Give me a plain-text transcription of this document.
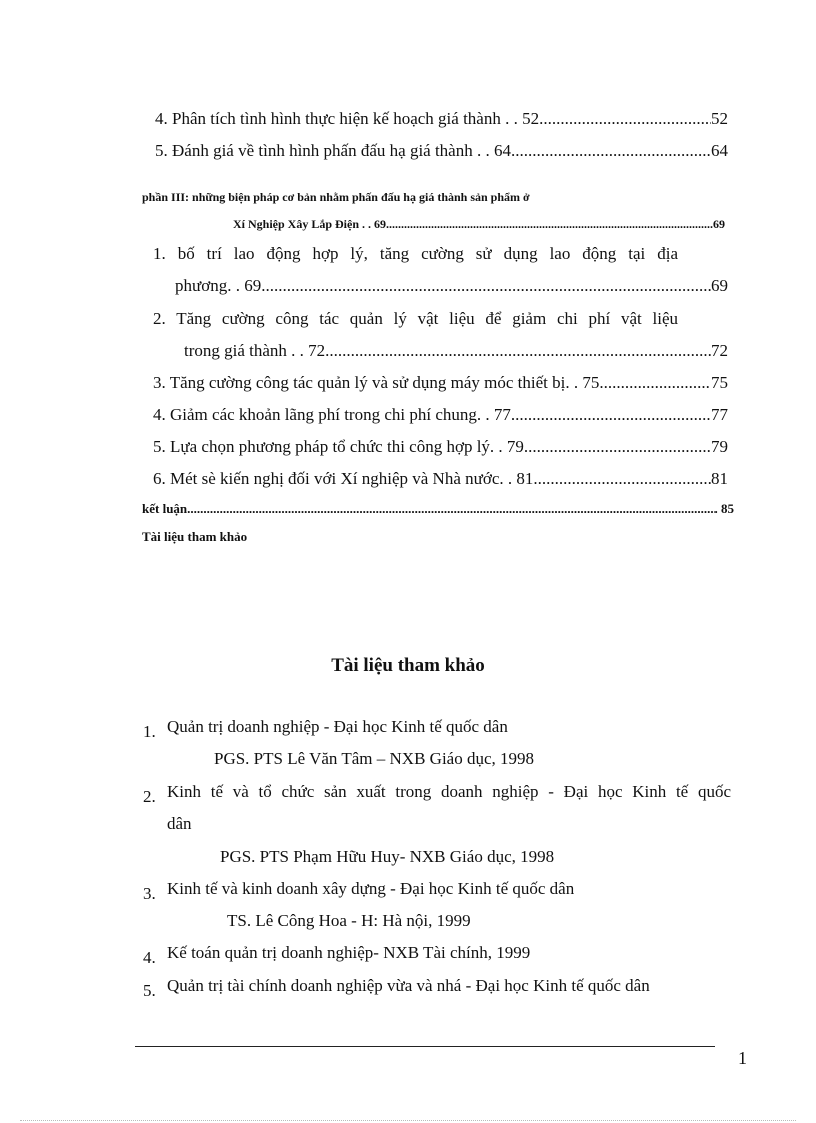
4. Phân tích tình hình thực hiện kế hoạch giá thành . . 52 .....	52
5. Đánh giá về tình hình phấn đấu hạ giá thành . . 64 .....	64
phần III: những biện pháp cơ bản nhằm phấn đấu hạ giá thành sản phẩm ở
Xí Nghiệp Xây Lắp Điện . . 69 .....	69
1. bố trí lao động hợp lý, tăng cường sử dụng lao động tại địa
phương. . 69 .....	69
2. Tăng cường công tác quản lý vật liệu để giảm chi phí vật liệu
trong giá thành . . 72 .....	72
3. Tăng cường công tác quản lý và sử dụng máy móc thiết bị. . 75 .....	75
4. Giảm các khoản lãng phí trong chi phí chung. . 77 .....	77
5. Lựa chọn phương pháp tổ chức thi công hợp lý. . 79 .....	79
6. Mét sè kiến nghị đối với Xí nghiệp và Nhà nước. . 81 .....	81
kết luận .....	. 85
Tài liệu tham khảo
Tài liệu tham khảo
1. Quản trị doanh nghiệp - Đại học Kinh tế quốc dân
PGS. PTS Lê Văn Tâm – NXB Giáo dục, 1998
2. Kinh tế và tổ chức sản xuất trong doanh nghiệp - Đại học Kinh tế quốc
dân
PGS. PTS Phạm Hữu Huy- NXB Giáo dục, 1998
3. Kinh tế và kinh doanh xây dựng - Đại học Kinh tế quốc dân
TS. Lê Công Hoa - H: Hà nội, 1999
4. Kế toán quản trị doanh nghiệp- NXB Tài chính, 1999
5. Quản trị tài chính doanh nghiệp vừa và nhá - Đại học Kinh tế quốc dân
1
